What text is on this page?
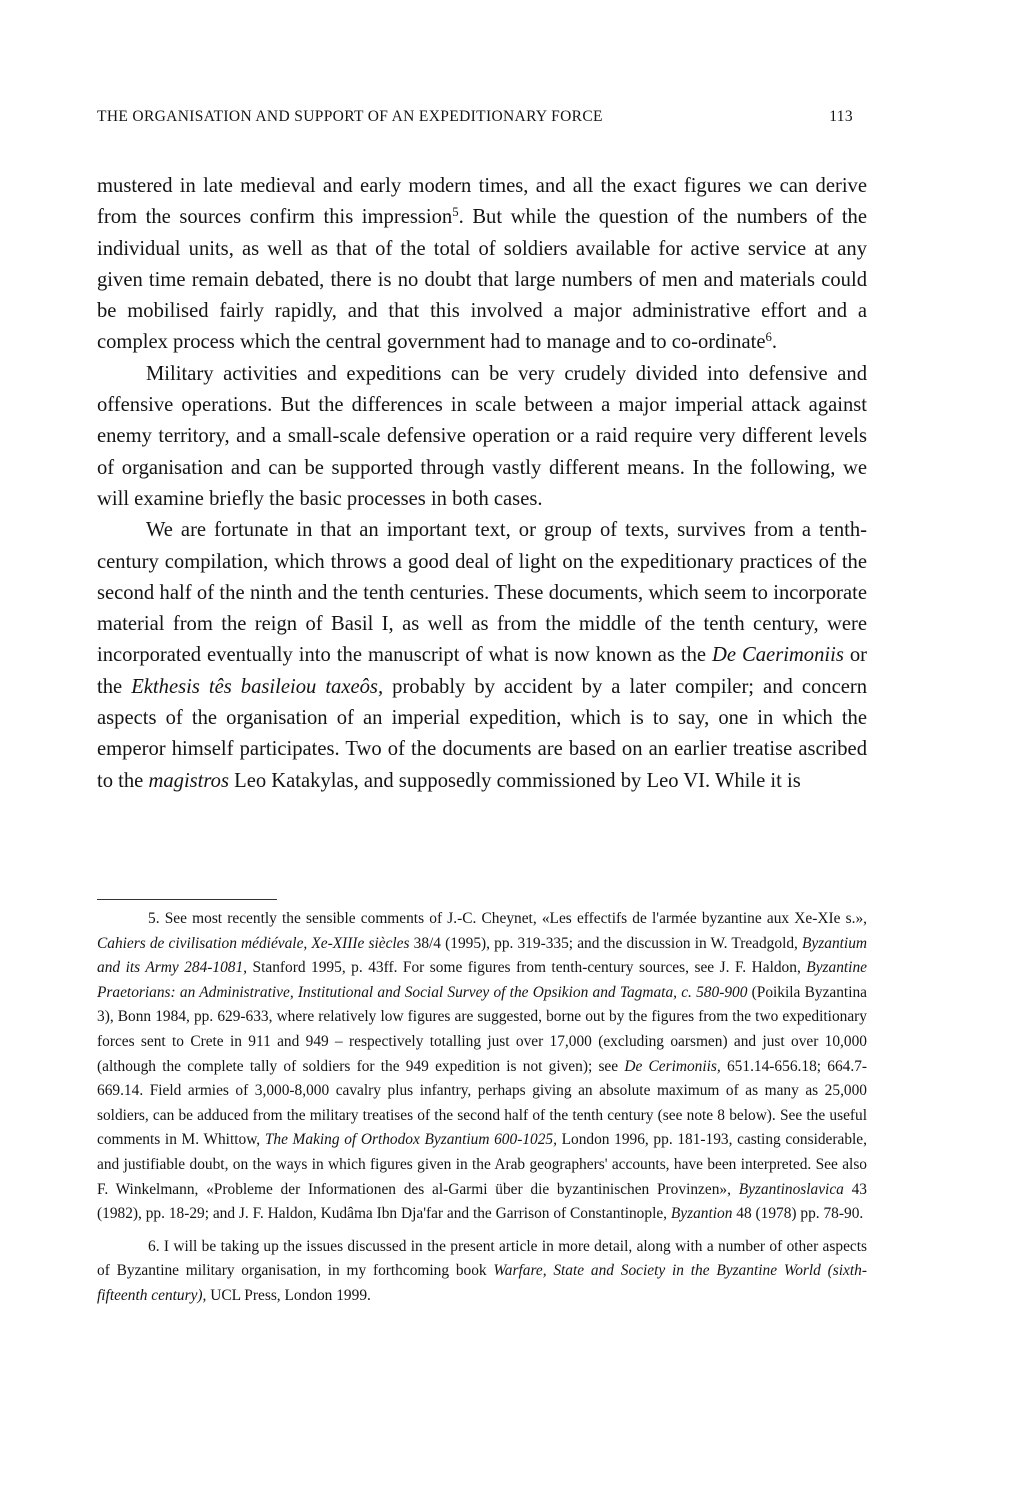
THE ORGANISATION AND SUPPORT OF AN EXPEDITIONARY FORCE	113

mustered in late medieval and early modern times, and all the exact figures we can derive from the sources confirm this impression$^5$. But while the question of the numbers of the individual units, as well as that of the total of soldiers available for active service at any given time remain debated, there is no doubt that large numbers of men and materials could be mobilised fairly rapidly, and that this involved a major administrative effort and a complex process which the central government had to manage and to co-ordinate$^6$.

Military activities and expeditions can be very crudely divided into defensive and offensive operations. But the differences in scale between a major imperial attack against enemy territory, and a small-scale defensive operation or a raid require very different levels of organisation and can be supported through vastly different means. In the following, we will examine briefly the basic processes in both cases.

We are fortunate in that an important text, or group of texts, survives from a tenth-century compilation, which throws a good deal of light on the expeditionary practices of the second half of the ninth and the tenth centuries. These documents, which seem to incorporate material from the reign of Basil I, as well as from the middle of the tenth century, were incorporated eventually into the manuscript of what is now known as the De Caerimoniis or the Ekthesis tês basileiou taxeôs, probably by accident by a later compiler; and concern aspects of the organisation of an imperial expedition, which is to say, one in which the emperor himself participates. Two of the documents are based on an earlier treatise ascribed to the magistros Leo Katakylas, and supposedly commissioned by Leo VI. While it is

5. See most recently the sensible comments of J.-C. Cheynet, «Les effectifs de l'armée byzantine aux Xe-XIe s.», Cahiers de civilisation médiévale, Xe-XIIIe siècles 38/4 (1995), pp. 319-335; and the discussion in W. Treadgold, Byzantium and its Army 284-1081, Stanford 1995, p. 43ff. For some figures from tenth-century sources, see J. F. Haldon, Byzantine Praetorians: an Administrative, Institutional and Social Survey of the Opsikion and Tagmata, c. 580-900 (Poikila Byzantina 3), Bonn 1984, pp. 629-633, where relatively low figures are suggested, borne out by the figures from the two expeditionary forces sent to Crete in 911 and 949 – respectively totalling just over 17,000 (excluding oarsmen) and just over 10,000 (although the complete tally of soldiers for the 949 expedition is not given); see De Cerimoniis, 651.14-656.18; 664.7-669.14. Field armies of 3,000-8,000 cavalry plus infantry, perhaps giving an absolute maximum of as many as 25,000 soldiers, can be adduced from the military treatises of the second half of the tenth century (see note 8 below). See the useful comments in M. Whittow, The Making of Orthodox Byzantium 600-1025, London 1996, pp. 181-193, casting considerable, and justifiable doubt, on the ways in which figures given in the Arab geographers' accounts, have been interpreted. See also F. Winkelmann, «Probleme der Informationen des al-Garmi über die byzantinischen Provinzen», Byzantinoslavica 43 (1982), pp. 18-29; and J. F. Haldon, Kudâma Ibn Dja'far and the Garrison of Constantinople, Byzantion 48 (1978) pp. 78-90.

6. I will be taking up the issues discussed in the present article in more detail, along with a number of other aspects of Byzantine military organisation, in my forthcoming book Warfare, State and Society in the Byzantine World (sixth-fifteenth century), UCL Press, London 1999.
